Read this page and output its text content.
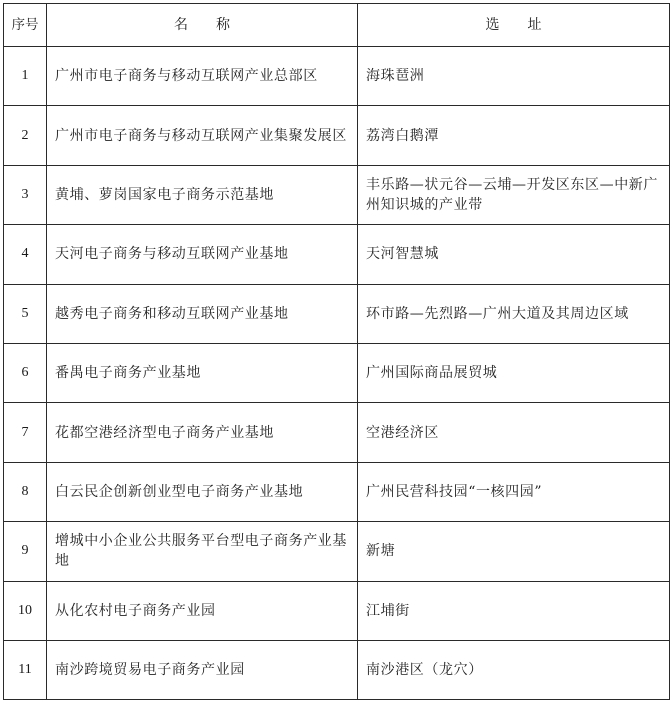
序号	名　　称	选　　址
1	广州市电子商务与移动互联网产业总部区	海珠琶洲

2	广州市电子商务与移动互联网产业集聚发展区	荔湾白鹅潭

3	黄埔、萝岗国家电子商务示范基地	丰乐路—状元谷—云埔—开发区东区—中新广州知识城的产业带

4	天河电子商务与移动互联网产业基地	天河智慧城

5	越秀电子商务和移动互联网产业基地	环市路—先烈路—广州大道及其周边区域

6	番禺电子商务产业基地	广州国际商品展贸城

7	花都空港经济型电子商务产业基地	空港经济区

8	白云民企创新创业型电子商务产业基地	广州民营科技园“一核四园”

9	增城中小企业公共服务平台型电子商务产业基地	新塘

10	从化农村电子商务产业园	江埔街

11	南沙跨境贸易电子商务产业园	南沙港区（龙穴）
